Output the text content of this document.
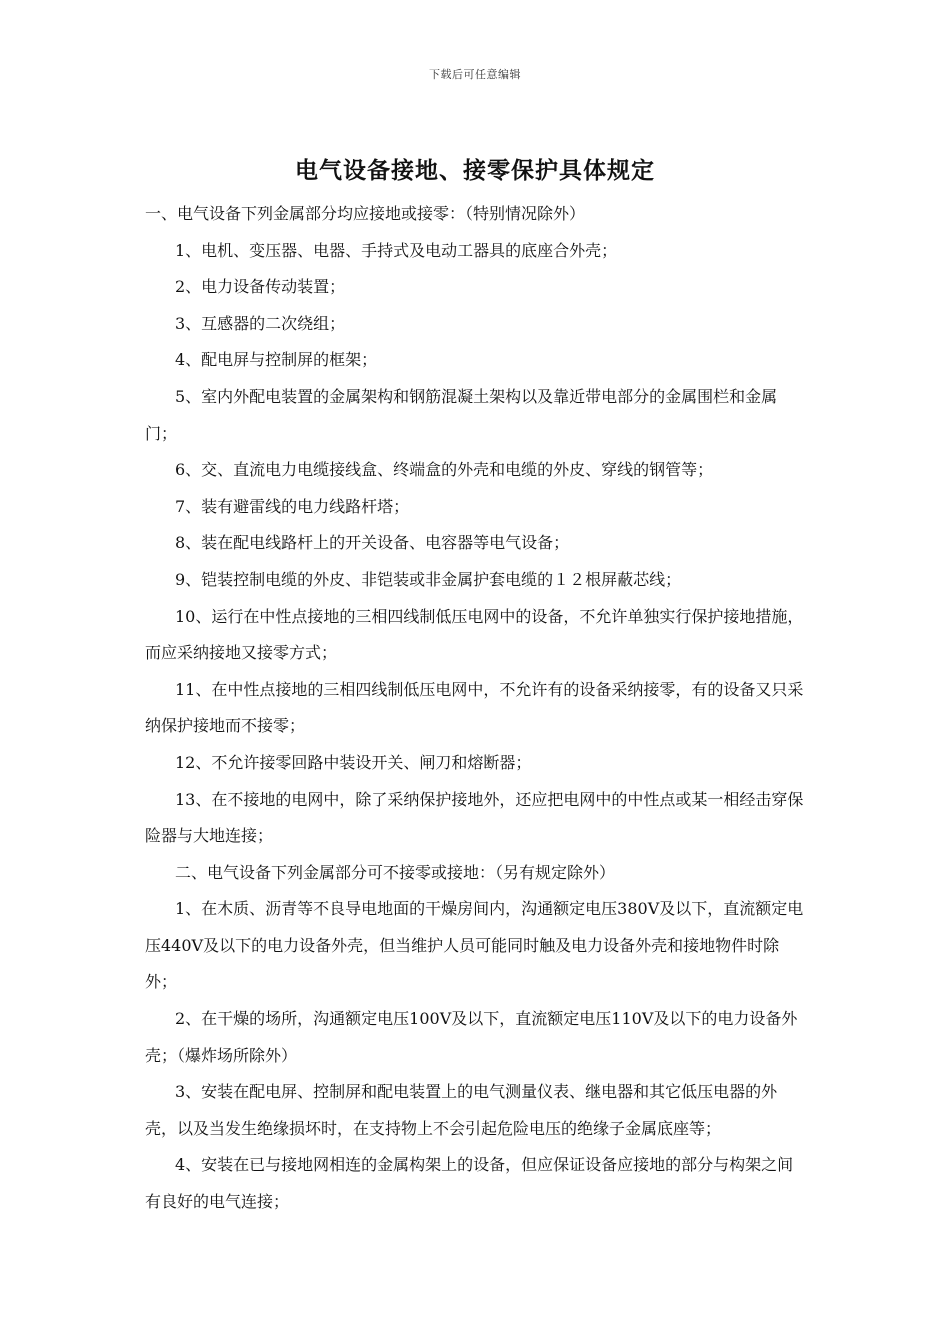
下载后可任意编辑
电气设备接地、接零保护具体规定

一、电气设备下列金属部分均应接地或接零：（特别情况除外）

1、电机、变压器、电器、手持式及电动工器具的底座合外壳；

2、电力设备传动装置；

3、互感器的二次绕组；

4、配电屏与控制屏的框架；

5、室内外配电装置的金属架构和钢筋混凝土架构以及靠近带电部分的金属围栏和金属门；

6、交、直流电力电缆接线盒、终端盒的外壳和电缆的外皮、穿线的钢管等；

7、装有避雷线的电力线路杆塔；

8、装在配电线路杆上的开关设备、电容器等电气设备；

9、铠装控制电缆的外皮、非铠装或非金属护套电缆的１２根屏蔽芯线；

10、运行在中性点接地的三相四线制低压电网中的设备，不允许单独实行保护接地措施，而应采纳接地又接零方式；

11、在中性点接地的三相四线制低压电网中，不允许有的设备采纳接零，有的设备又只采纳保护接地而不接零；

12、不允许接零回路中装设开关、闸刀和熔断器；

13、在不接地的电网中，除了采纳保护接地外，还应把电网中的中性点或某一相经击穿保险器与大地连接；

二、电气设备下列金属部分可不接零或接地：（另有规定除外）

1、在木质、沥青等不良导电地面的干燥房间内，沟通额定电压380V及以下，直流额定电压440V及以下的电力设备外壳，但当维护人员可能同时触及电力设备外壳和接地物件时除外；

2、在干燥的场所，沟通额定电压100V及以下，直流额定电压110V及以下的电力设备外壳；（爆炸场所除外）

3、安装在配电屏、控制屏和配电装置上的电气测量仪表、继电器和其它低压电器的外壳，以及当发生绝缘损坏时，在支持物上不会引起危险电压的绝缘子金属底座等；

4、安装在已与接地网相连的金属构架上的设备，但应保证设备应接地的部分与构架之间有良好的电气连接；
